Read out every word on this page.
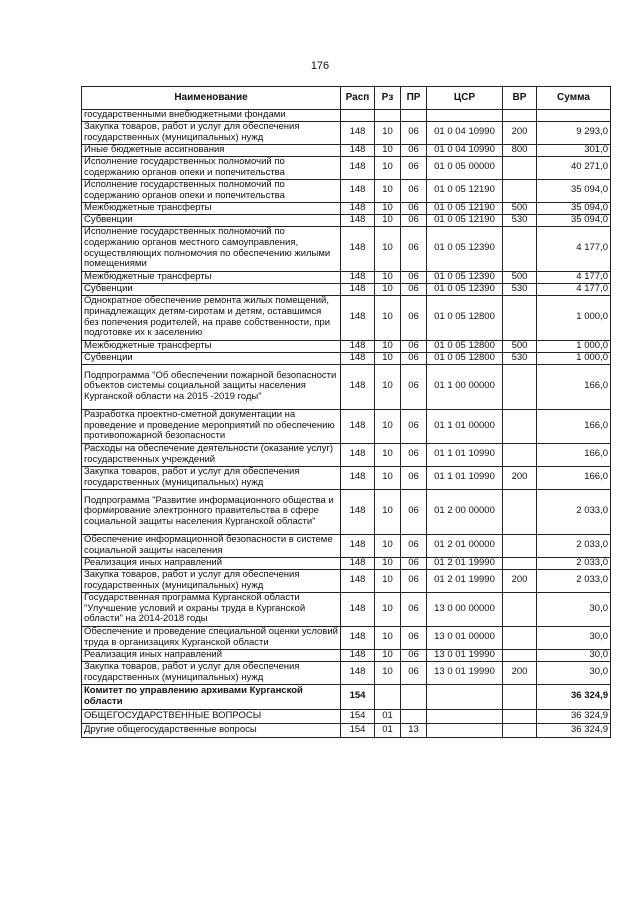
176
Наименование	Расп	Рз	ПР	ЦСР	ВР	Сумма
государственными внебюджетными фондами						
Закупка товаров, работ и услуг для обеспечения государственных (муниципальных) нужд	148	10	06	01 0 04 10990	200	9 293,0
Иные бюджетные ассигнования	148	10	06	01 0 04 10990	800	301,0
Исполнение государственных полномочий по содержанию органов опеки и попечительства	148	10	06	01 0 05 00000		40 271,0
Исполнение государственных полномочий по содержанию органов опеки и попечительства	148	10	06	01 0 05 12190		35 094,0
Межбюджетные трансферты	148	10	06	01 0 05 12190	500	35 094,0
Субвенции	148	10	06	01 0 05 12190	530	35 094,0
Исполнение государственных полномочий по содержанию органов местного самоуправления, осуществляющих полномочия по обеспечению жилыми помещениями	148	10	06	01 0 05 12390		4 177,0
Межбюджетные трансферты	148	10	06	01 0 05 12390	500	4 177,0
Субвенции	148	10	06	01 0 05 12390	530	4 177,0
Однократное обеспечение ремонта жилых помещений, принадлежащих детям-сиротам и детям, оставшимся без попечения родителей, на праве собственности, при подготовке их к заселению	148	10	06	01 0 05 12800		1 000,0
Межбюджетные трансферты	148	10	06	01 0 05 12800	500	1 000,0
Субвенции	148	10	06	01 0 05 12800	530	1 000,0
Подпрограмма "Об обеспечении пожарной безопасности объектов системы социальной защиты населения Курганской области на 2015 -2019 годы"	148	10	06	01 1 00 00000		166,0
Разработка проектно-сметной документации на проведение и проведение мероприятий по обеспечению противопожарной безопасности	148	10	06	01 1 01 00000		166,0
Расходы на обеспечение деятельности (оказание услуг) государственных учреждений	148	10	06	01 1 01 10990		166,0
Закупка товаров, работ и услуг для обеспечения государственных (муниципальных) нужд	148	10	06	01 1 01 10990	200	166,0
Подпрограмма "Развитие информационного общества и формирование электронного правительства в сфере социальной защиты населения Курганской области"	148	10	06	01 2 00 00000		2 033,0
Обеспечение информационной безопасности в системе социальной защиты населения	148	10	06	01 2 01 00000		2 033,0
Реализация иных направлений	148	10	06	01 2 01 19990		2 033,0
Закупка товаров, работ и услуг для обеспечения государственных (муниципальных) нужд	148	10	06	01 2 01 19990	200	2 033,0
Государственная программа Курганской области "Улучшение условий и охраны труда в Курганской области" на 2014-2018 годы	148	10	06	13 0 00 00000		30,0
Обеспечение и проведение специальной оценки условий труда в организациях Курганской области	148	10	06	13 0 01 00000		30,0
Реализация иных направлений	148	10	06	13 0 01 19990		30,0
Закупка товаров, работ и услуг для обеспечения государственных (муниципальных) нужд	148	10	06	13 0 01 19990	200	30,0
Комитет по управлению архивами Курганской области	154					36 324,9
ОБЩЕГОСУДАРСТВЕННЫЕ ВОПРОСЫ	154	01				36 324,9
Другие общегосударственные вопросы	154	01	13			36 324,9
